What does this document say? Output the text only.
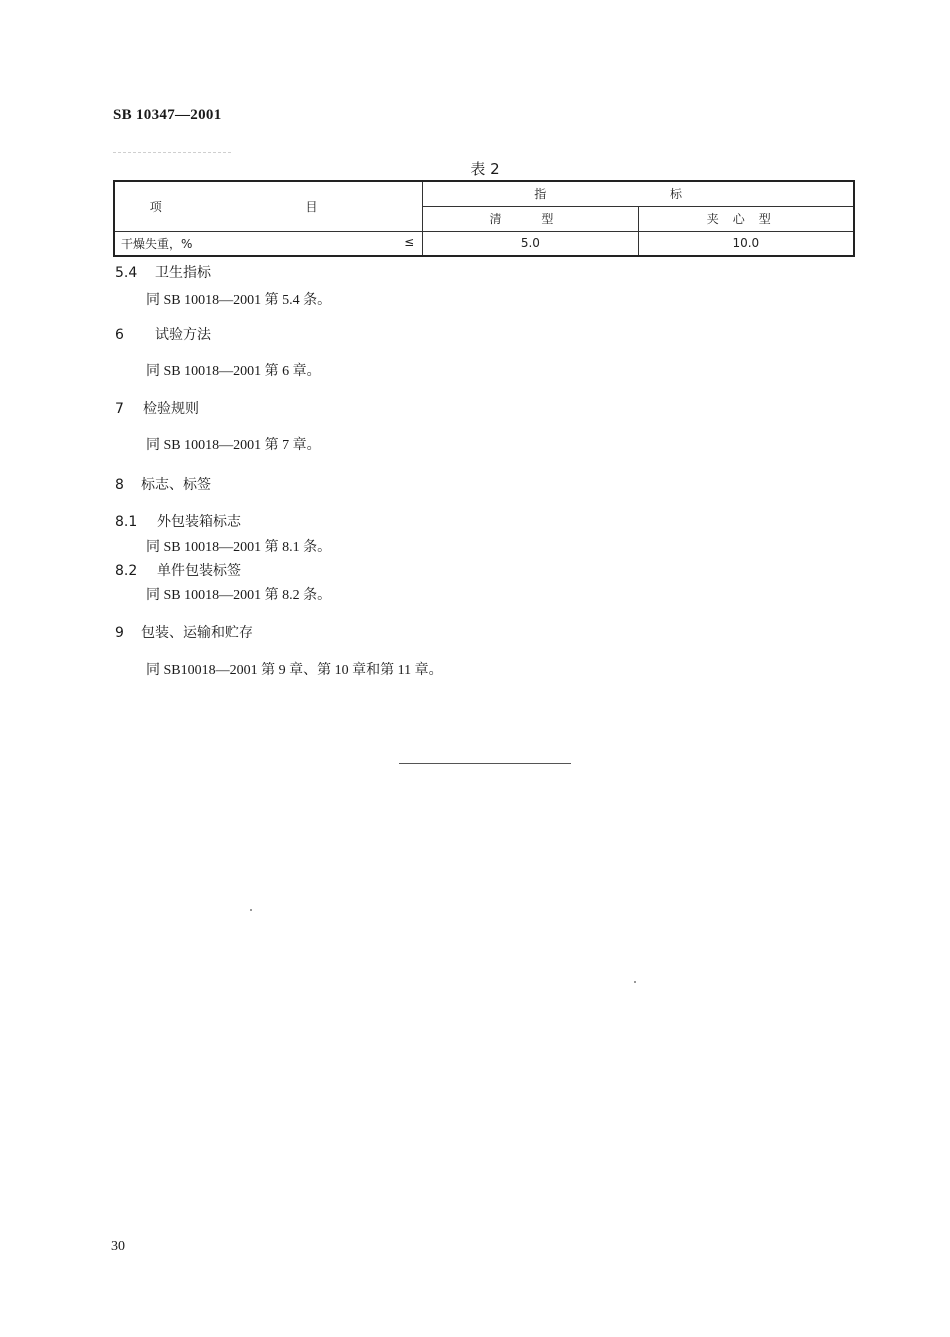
SB 10347—2001
表 2
项 目	指 标	
	清 型	夹心型

干燥失重，% ≤	5.0	10.0
5.4 卫生指标
同 SB 10018—2001 第 5.4 条。
6 试验方法
同 SB 10018—2001 第 6 章。
7 检验规则
同 SB 10018—2001 第 7 章。
8 标志、标签
8.1 外包装箱标志
同 SB 10018—2001 第 8.1 条。
8.2 单件包装标签
同 SB 10018—2001 第 8.2 条。
9 包装、运输和贮存
同 SB10018—2001 第 9 章、第 10 章和第 11 章。
30
